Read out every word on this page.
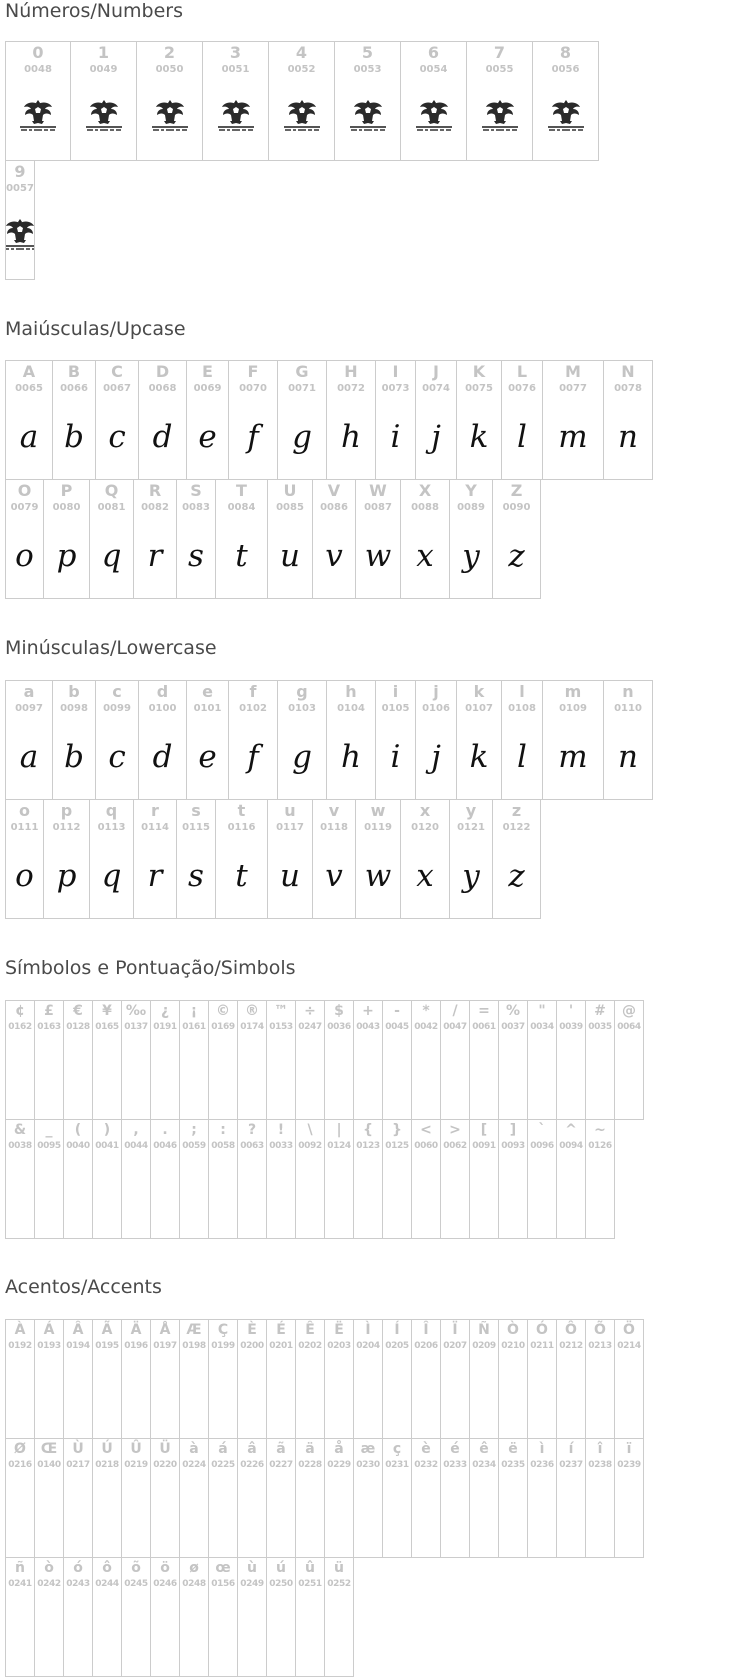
Números/Numbers
0
0048
1
0049
2
0050
3
0051
4
0052
5
0053
6
0054
7
0055
8
0056
9
0057
Maiúsculas/Upcase
A
0065
a
B
0066
b
C
0067
c
D
0068
d
E
0069
e
F
0070
f
G
0071
g
H
0072
h
I
0073
i
J
0074
j
K
0075
k
L
0076
l
M
0077
m
N
0078
n
O
0079
o
P
0080
p
Q
0081
q
R
0082
r
S
0083
s
T
0084
t
U
0085
u
V
0086
v
W
0087
w
X
0088
x
Y
0089
y
Z
0090
z
Minúsculas/Lowercase
a
0097
a
b
0098
b
c
0099
c
d
0100
d
e
0101
e
f
0102
f
g
0103
g
h
0104
h
i
0105
i
j
0106
j
k
0107
k
l
0108
l
m
0109
m
n
0110
n
o
0111
o
p
0112
p
q
0113
q
r
0114
r
s
0115
s
t
0116
t
u
0117
u
v
0118
v
w
0119
w
x
0120
x
y
0121
y
z
0122
z
Símbolos e Pontuação/Simbols
¢
0162
£
0163
€
0128
¥
0165
‰
0137
¿
0191
¡
0161
©
0169
®
0174
™
0153
÷
0247
$
0036
+
0043
-
0045
*
0042
/
0047
=
0061
%
0037
"
0034
'
0039
#
0035
@
0064
&
0038
_
0095
(
0040
)
0041
,
0044
.
0046
;
0059
:
0058
?
0063
!
0033
\
0092
|
0124
{
0123
}
0125
<
0060
>
0062
[
0091
]
0093
`
0096
^
0094
~
0126
Acentos/Accents
À
0192
Á
0193
Â
0194
Ã
0195
Ä
0196
Å
0197
Æ
0198
Ç
0199
È
0200
É
0201
Ê
0202
Ë
0203
Ì
0204
Í
0205
Î
0206
Ï
0207
Ñ
0209
Ò
0210
Ó
0211
Ô
0212
Õ
0213
Ö
0214
Ø
0216
Œ
0140
Ù
0217
Ú
0218
Û
0219
Ü
0220
à
0224
á
0225
â
0226
ã
0227
ä
0228
å
0229
æ
0230
ç
0231
è
0232
é
0233
ê
0234
ë
0235
ì
0236
í
0237
î
0238
ï
0239
ñ
0241
ò
0242
ó
0243
ô
0244
õ
0245
ö
0246
ø
0248
œ
0156
ù
0249
ú
0250
û
0251
ü
0252
